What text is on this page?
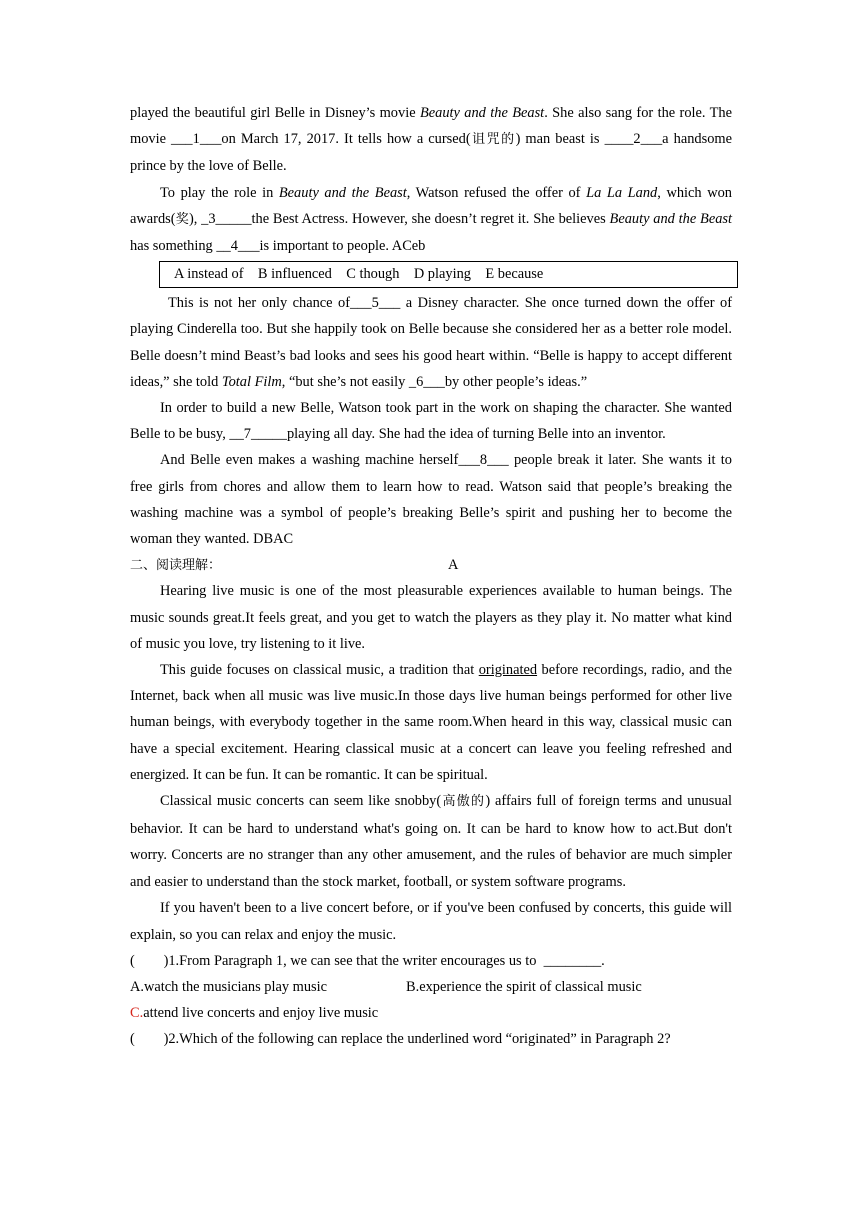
played the beautiful girl Belle in Disney’s movie Beauty and the Beast. She also sang for the role. The movie ___1___on March 17, 2017. It tells how a cursed(诅咒的) man beast is ____2___a handsome prince by the love of Belle.

To play the role in Beauty and the Beast, Watson refused the offer of La La Land, which won awards(奖), _3_____the Best Actress. However, she doesn’t regret it. She believes Beauty and the Beast has something __4___is important to people. ACeb

A instead of    B influenced    C though    D playing    E because

This is not her only chance of___5___ a Disney character. She once turned down the offer of playing Cinderella too. But she happily took on Belle because she considered her as a better role model. Belle doesn’t mind Beast’s bad looks and sees his good heart within. “Belle is happy to accept different ideas,” she told Total Film, “but she’s not easily _6___by other people’s ideas.”

In order to build a new Belle, Watson took part in the work on shaping the character. She wanted Belle to be busy, __7_____playing all day. She had the idea of turning Belle into an inventor.

And Belle even makes a washing machine herself___8___ people break it later. She wants it to free girls from chores and allow them to learn how to read. Watson said that people’s breaking the washing machine was a symbol of people’s breaking Belle’s spirit and pushing her to become the woman they wanted. DBAC

二、阅读理解：	A

Hearing live music is one of the most pleasurable experiences available to human beings. The music sounds great.It feels great, and you get to watch the players as they play it. No matter what kind of music you love, try listening to it live.

This guide focuses on classical music, a tradition that originated before recordings, radio, and the Internet, back when all music was live music.In those days live human beings performed for other live human beings, with everybody together in the same room.When heard in this way, classical music can have a special excitement. Hearing classical music at a concert can leave you feeling refreshed and energized. It can be fun. It can be romantic. It can be spiritual.

Classical music concerts can seem like snobby(高傲的) affairs full of foreign terms and unusual behavior. It can be hard to understand what's going on. It can be hard to know how to act.But don't worry. Concerts are no stranger than any other amusement, and the rules of behavior are much simpler and easier to understand than the stock market, football, or system software programs.

If you haven't been to a live concert before, or if you've been confused by concerts, this guide will explain, so you can relax and enjoy the music.

(        )1.From Paragraph 1, we can see that the writer encourages us to  ________.

A.watch the musicians play music	B.experience the spirit of classical music

C.attend live concerts and enjoy live music

(        )2.Which of the following can replace the underlined word “originated” in Paragraph 2?
